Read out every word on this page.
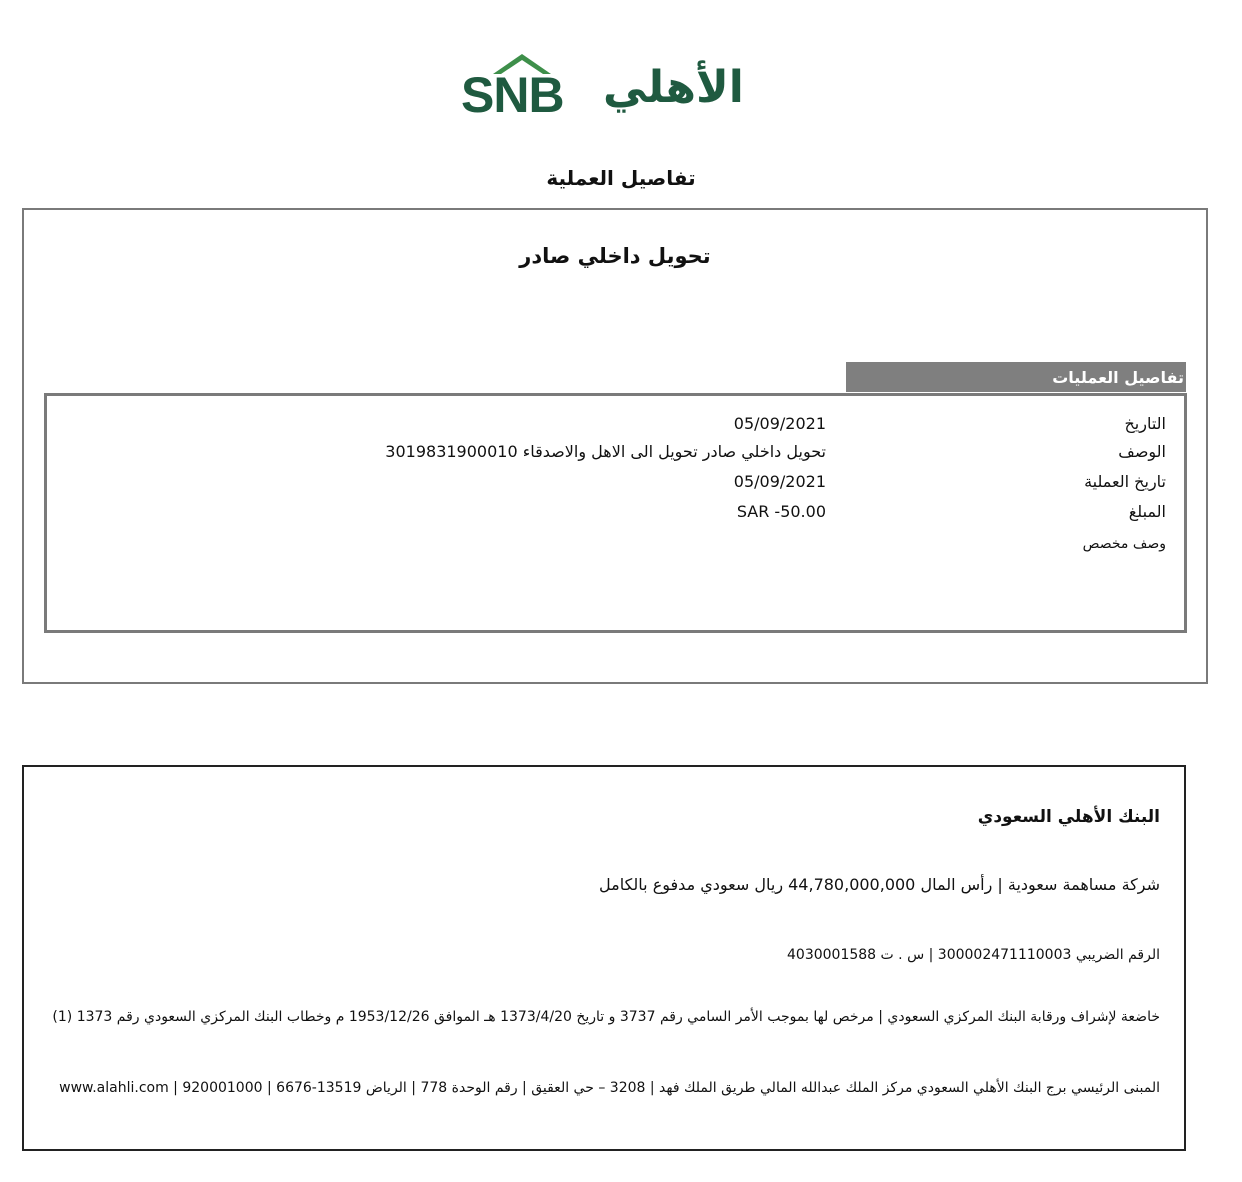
SNB الأهلي
تفاصيل العملية
تحويل داخلي صادر
تفاصيل العمليات
التاريخ
05/09/2021
الوصف
تحويل داخلي صادر تحويل الى الاهل والاصدقاء 3019831900010
تاريخ العملية
05/09/2021
المبلغ
SAR -50.00
وصف مخصص
البنك الأهلي السعودي
شركة مساهمة سعودية | رأس المال 44,780,000,000 ريال سعودي مدفوع بالكامل
الرقم الضريبي 300002471110003 | س . ت 4030001588
خاضعة لإشراف ورقابة البنك المركزي السعودي | مرخص لها بموجب الأمر السامي رقم 3737 و تاريخ 1373/4/20 هـ الموافق 1953/12/26 م وخطاب البنك المركزي السعودي رقم 1373 (1)
المبنى الرئيسي برج البنك الأهلي السعودي مركز الملك عبدالله المالي طريق الملك فهد | 3208 – حي العقيق | رقم الوحدة 778 | الرياض 13519-6676 | 920001000 | www.alahli.com
